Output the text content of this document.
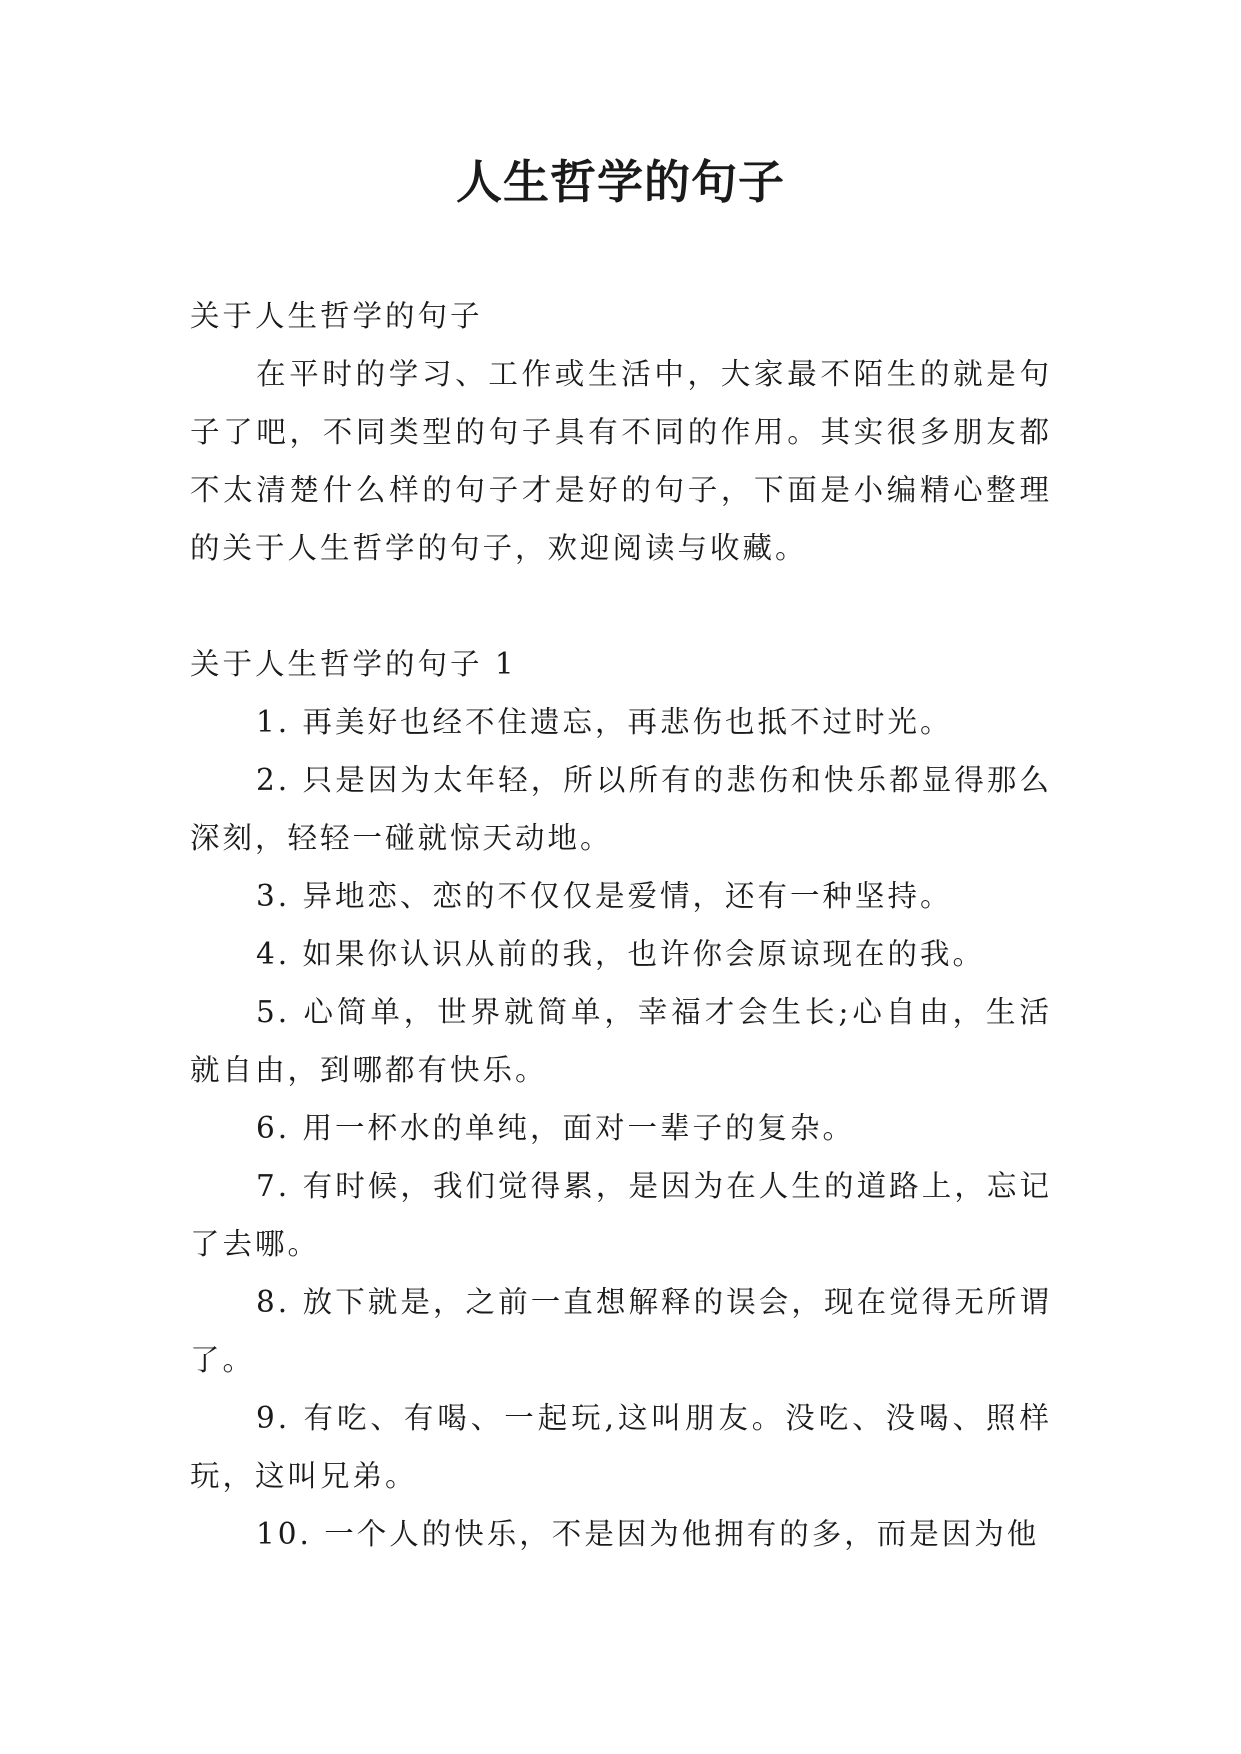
人生哲学的句子

关于人生哲学的句子

在平时的学习、工作或生活中，大家最不陌生的就是句子了吧，不同类型的句子具有不同的作用。其实很多朋友都不太清楚什么样的句子才是好的句子，下面是小编精心整理的关于人生哲学的句子，欢迎阅读与收藏。

关于人生哲学的句子 1

1. 再美好也经不住遗忘，再悲伤也抵不过时光。

2. 只是因为太年轻，所以所有的悲伤和快乐都显得那么深刻，轻轻一碰就惊天动地。

3. 异地恋、恋的不仅仅是爱情，还有一种坚持。

4. 如果你认识从前的我，也许你会原谅现在的我。

5. 心简单，世界就简单，幸福才会生长;心自由，生活就自由，到哪都有快乐。

6. 用一杯水的单纯，面对一辈子的复杂。

7. 有时候，我们觉得累，是因为在人生的道路上，忘记了去哪。

8. 放下就是，之前一直想解释的误会，现在觉得无所谓了。

9. 有吃、有喝、一起玩,这叫朋友。没吃、没喝、照样玩，这叫兄弟。

10. 一个人的快乐，不是因为他拥有的多，而是因为他
